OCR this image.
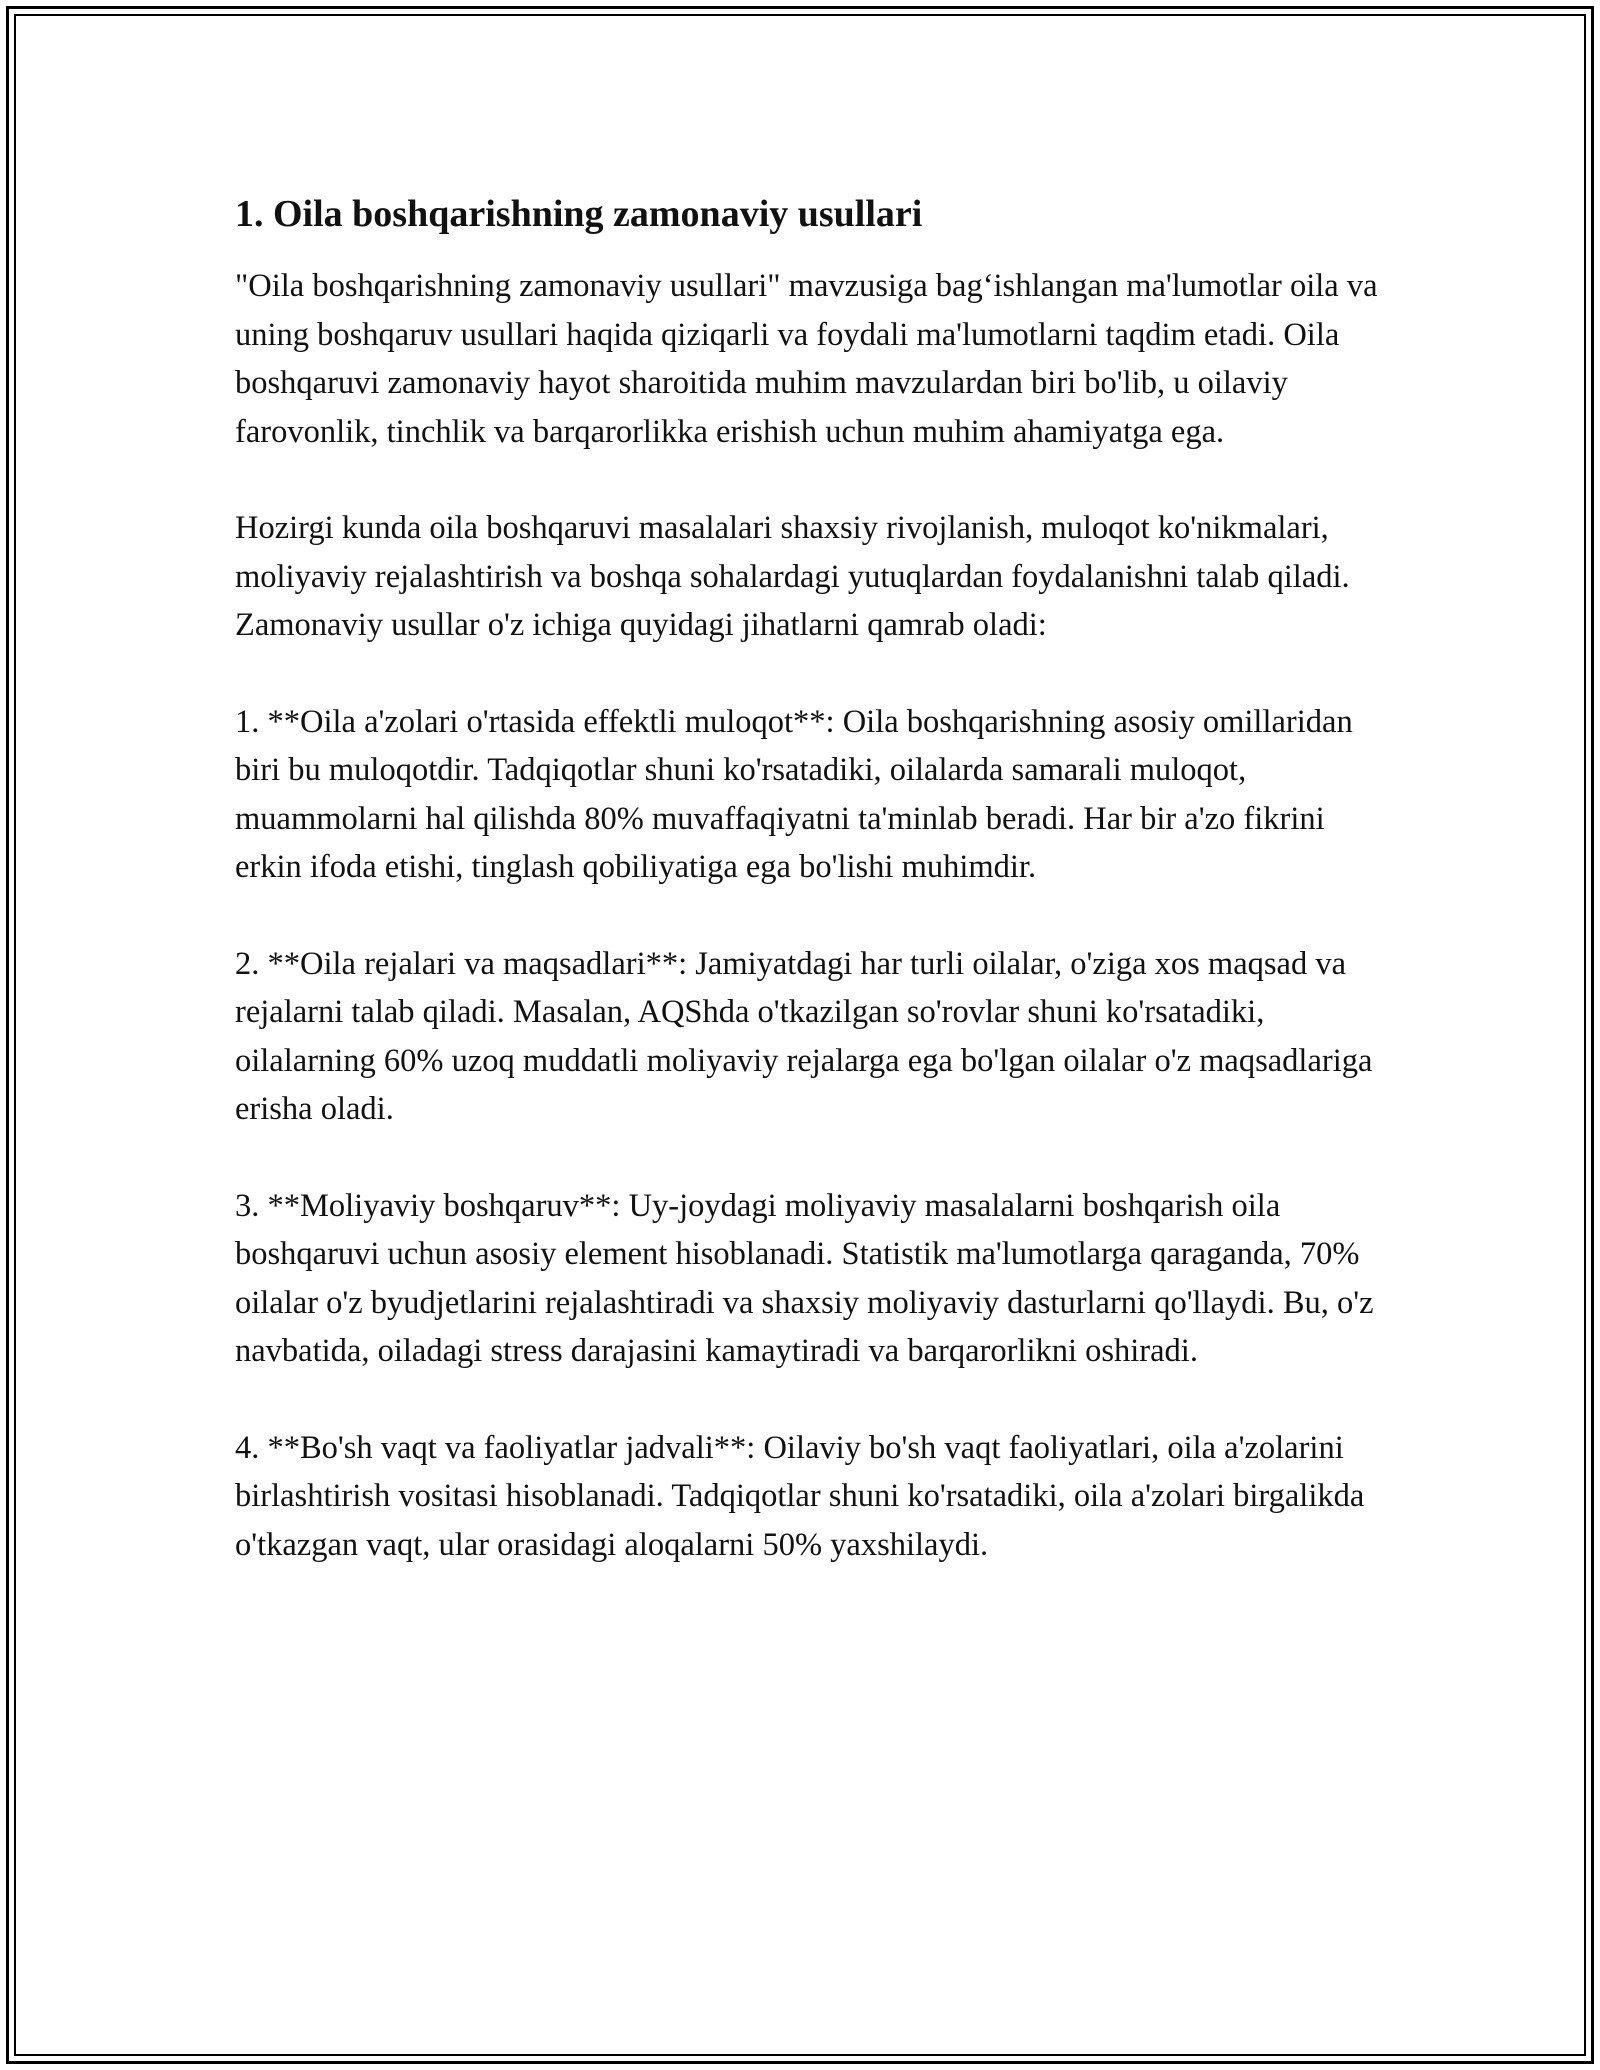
1. Oila boshqarishning zamonaviy usullari

"Oila boshqarishning zamonaviy usullari" mavzusiga bag‘ishlangan ma'lumotlar oila va uning boshqaruv usullari haqida qiziqarli va foydali ma'lumotlarni taqdim etadi. Oila boshqaruvi zamonaviy hayot sharoitida muhim mavzulardan biri bo'lib, u oilaviy farovonlik, tinchlik va barqarorlikka erishish uchun muhim ahamiyatga ega.

Hozirgi kunda oila boshqaruvi masalalari shaxsiy rivojlanish, muloqot ko'nikmalari, moliyaviy rejalashtirish va boshqa sohalardagi yutuqlardan foydalanishni talab qiladi. Zamonaviy usullar o'z ichiga quyidagi jihatlarni qamrab oladi:

1. **Oila a'zolari o'rtasida effektli muloqot**: Oila boshqarishning asosiy omillaridan biri bu muloqotdir. Tadqiqotlar shuni ko'rsatadiki, oilalarda samarali muloqot, muammolarni hal qilishda 80% muvaffaqiyatni ta'minlab beradi. Har bir a'zo fikrini erkin ifoda etishi, tinglash qobiliyatiga ega bo'lishi muhimdir.

2. **Oila rejalari va maqsadlari**: Jamiyatdagi har turli oilalar, o'ziga xos maqsad va rejalarni talab qiladi. Masalan, AQShda o'tkazilgan so'rovlar shuni ko'rsatadiki, oilalarning 60% uzoq muddatli moliyaviy rejalarga ega bo'lgan oilalar o'z maqsadlariga erisha oladi.

3. **Moliyaviy boshqaruv**: Uy-joydagi moliyaviy masalalarni boshqarish oila boshqaruvi uchun asosiy element hisoblanadi. Statistik ma'lumotlarga qaraganda, 70% oilalar o'z byudjetlarini rejalashtiradi va shaxsiy moliyaviy dasturlarni qo'llaydi. Bu, o'z navbatida, oiladagi stress darajasini kamaytiradi va barqarorlikni oshiradi.

4. **Bo'sh vaqt va faoliyatlar jadvali**: Oilaviy bo'sh vaqt faoliyatlari, oila a'zolarini birlashtirish vositasi hisoblanadi. Tadqiqotlar shuni ko'rsatadiki, oila a'zolari birgalikda o'tkazgan vaqt, ular orasidagi aloqalarni 50% yaxshilaydi.
